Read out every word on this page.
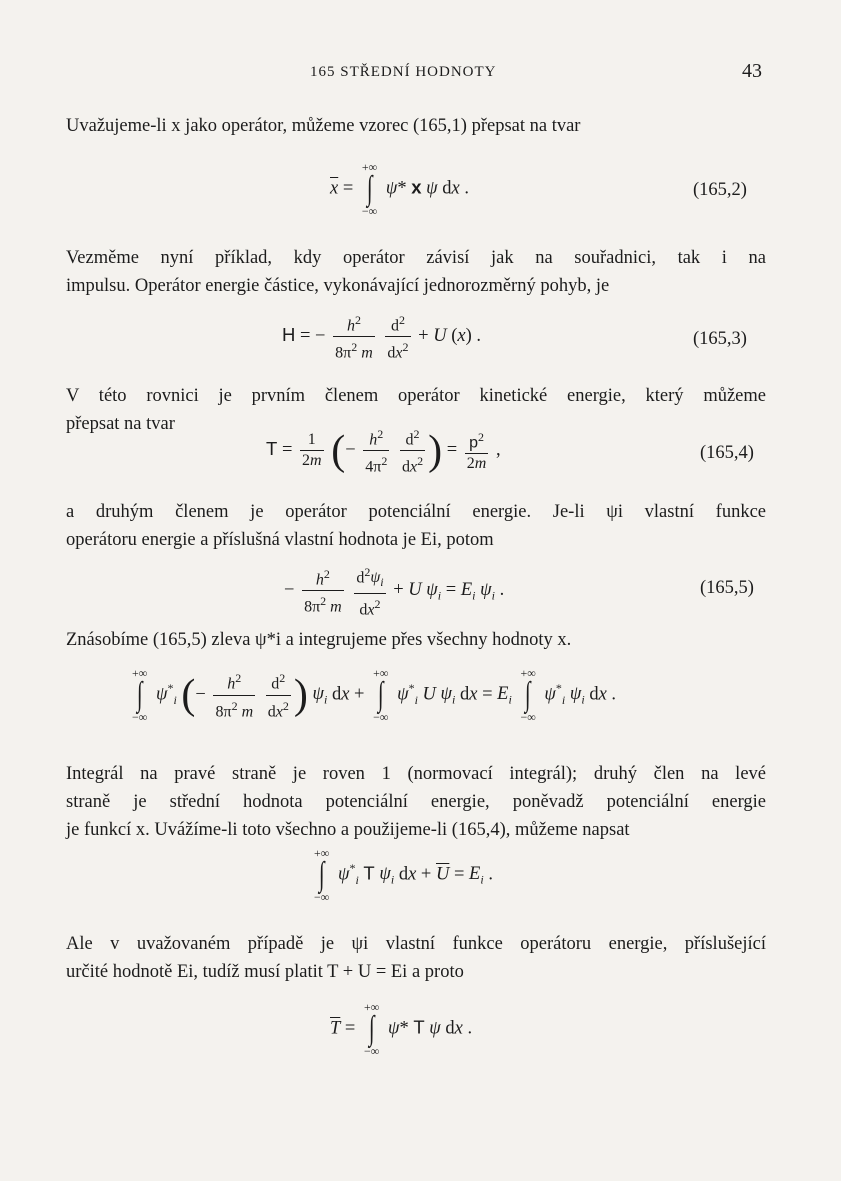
165 STŘEDNÍ HODNOTY	43

Uvažujeme-li x jako operátor, můžeme vzorec (165,1) přepsat na tvar

$\overline{x}$ =
+∞
∫
−∞
ψ* x ψ dx .	(165,2)

Vezměme nyní příklad, kdy operátor závisí jak na souřadnici, tak i na
impulsu. Operátor energie částice, vykonávající jednorozměrný pohyb, je

H = − $\frac{h^2}{8\pi^2 m}$
$\frac{d^2}{dx^2} + U$ (x) .	(165,3)

V této rovnici je prvním členem operátor kinetické energie, který můžeme
přepsat na tvar

$T = \frac{1}{2m}$ (− $\frac{h^2}{4\pi^2}$
$\frac{d^2}{dx^2}$ ) = $\frac{p^2}{2m}$ ,	(165,4)

a druhým členem je operátor potenciální energie. Je-li ψi vlastní funkce
operátoru energie a příslušná vlastní hodnota je Ei, potom

− $\frac{h^2}{8\pi^2 m}$
$\frac{d^2\psi_i}{dx^2} + U$ $\psi_i = E_i$ $\psi_i$ .	(165,5)

Znásobíme (165,5) zleva ψ*i a integrujeme přes všechny hodnoty x.

+∞
∫
−∞
$\psi^*_i$ (− $\frac{h^2}{8\pi^2 m}$
$\frac{d^2}{dx^2}$ ) $\psi_i$ dx +
+∞
∫
−∞
$\psi^*_i$ U $\psi_i$ dx = $E_i$
+∞
∫
−∞
$\psi^*_i$ $\psi_i$ dx .

Integrál na pravé straně je roven 1 (normovací integrál); druhý člen na levé
straně je střední hodnota potenciální energie, poněvadž potenciální energie
je funkcí x. Uvážíme-li toto všechno a použijeme-li (165,4), můžeme napsat

+∞
∫
−∞
$\psi^*_i$ T $\psi_i$ dx + $\overline{U} = E_i$ .

Ale v uvažovaném případě je ψi vlastní funkce operátoru energie, příslušející
určité hodnotě Ei, tudíž musí platit T + U = Ei a proto

$\overline{T}$ =
+∞
∫
−∞
ψ* T ψ dx .
